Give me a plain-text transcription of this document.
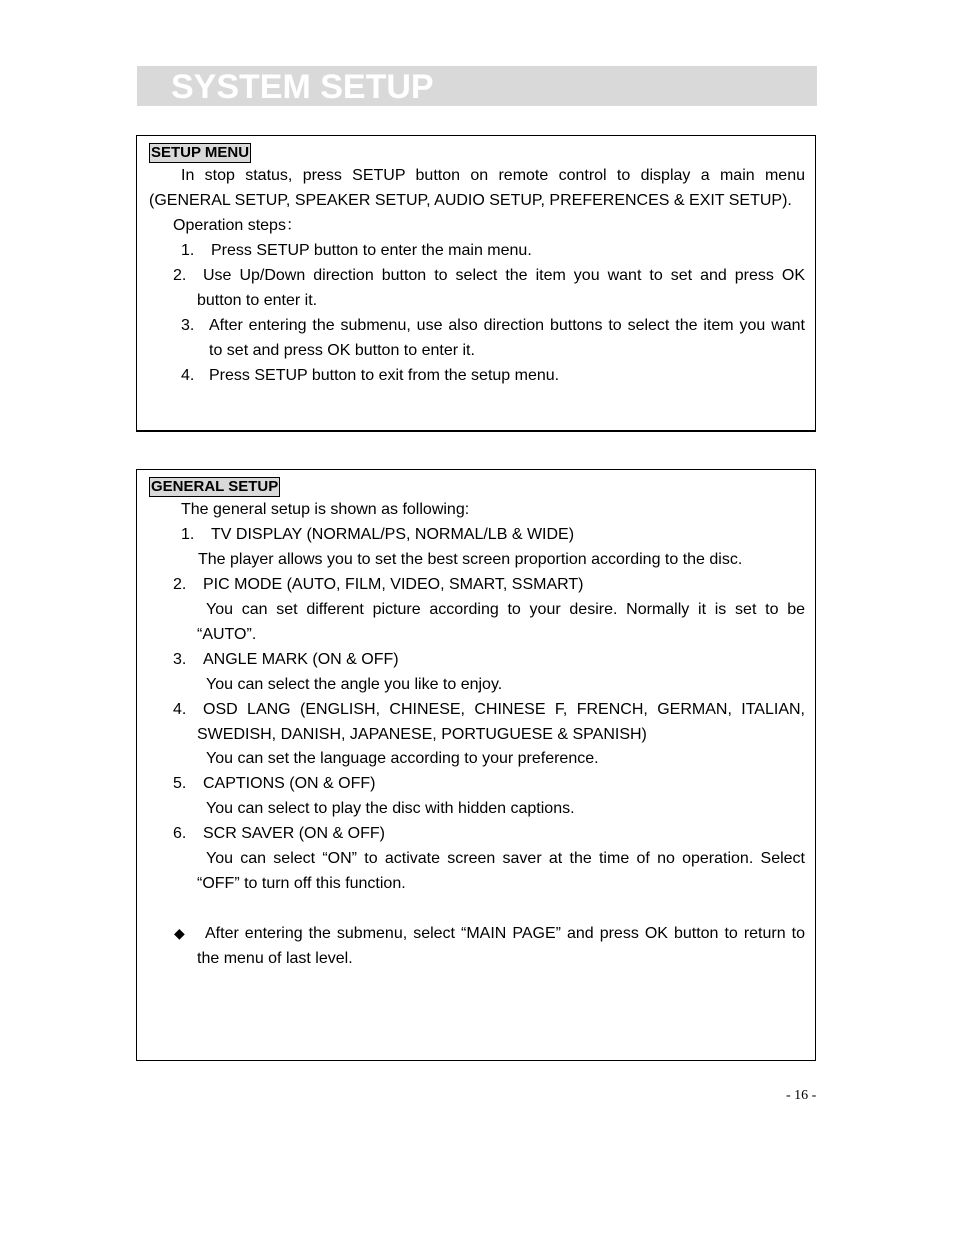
SYSTEM SETUP
SETUP MENU
In stop status, press SETUP button on remote control to display a main menu
(GENERAL SETUP, SPEAKER SETUP, AUDIO SETUP, PREFERENCES & EXIT SETUP).
Operation steps：
1. Press SETUP button to enter the main menu.
2. Use Up/Down direction button to select the item you want to set and press OK
button to enter it.
3. After entering the submenu, use also direction buttons to select the item you want
to set and press OK button to enter it.
4. Press SETUP button to exit from the setup menu.
GENERAL SETUP
The general setup is shown as following:
1. TV DISPLAY (NORMAL/PS, NORMAL/LB & WIDE)
The player allows you to set the best screen proportion according to the disc.
2. PIC MODE (AUTO, FILM, VIDEO, SMART, SSMART)
You can set different picture according to your desire. Normally it is set to be
“AUTO”.
3. ANGLE MARK (ON & OFF)
You can select the angle you like to enjoy.
4. OSD LANG (ENGLISH, CHINESE, CHINESE F, FRENCH, GERMAN, ITALIAN,
SWEDISH, DANISH, JAPANESE, PORTUGUESE & SPANISH)
You can set the language according to your preference.
5. CAPTIONS (ON & OFF)
You can select to play the disc with hidden captions.
6. SCR SAVER (ON & OFF)
You can select “ON” to activate screen saver at the time of no operation. Select
“OFF” to turn off this function.
◆ After entering the submenu, select “MAIN PAGE” and press OK button to return to
the menu of last level.
- 16 -
